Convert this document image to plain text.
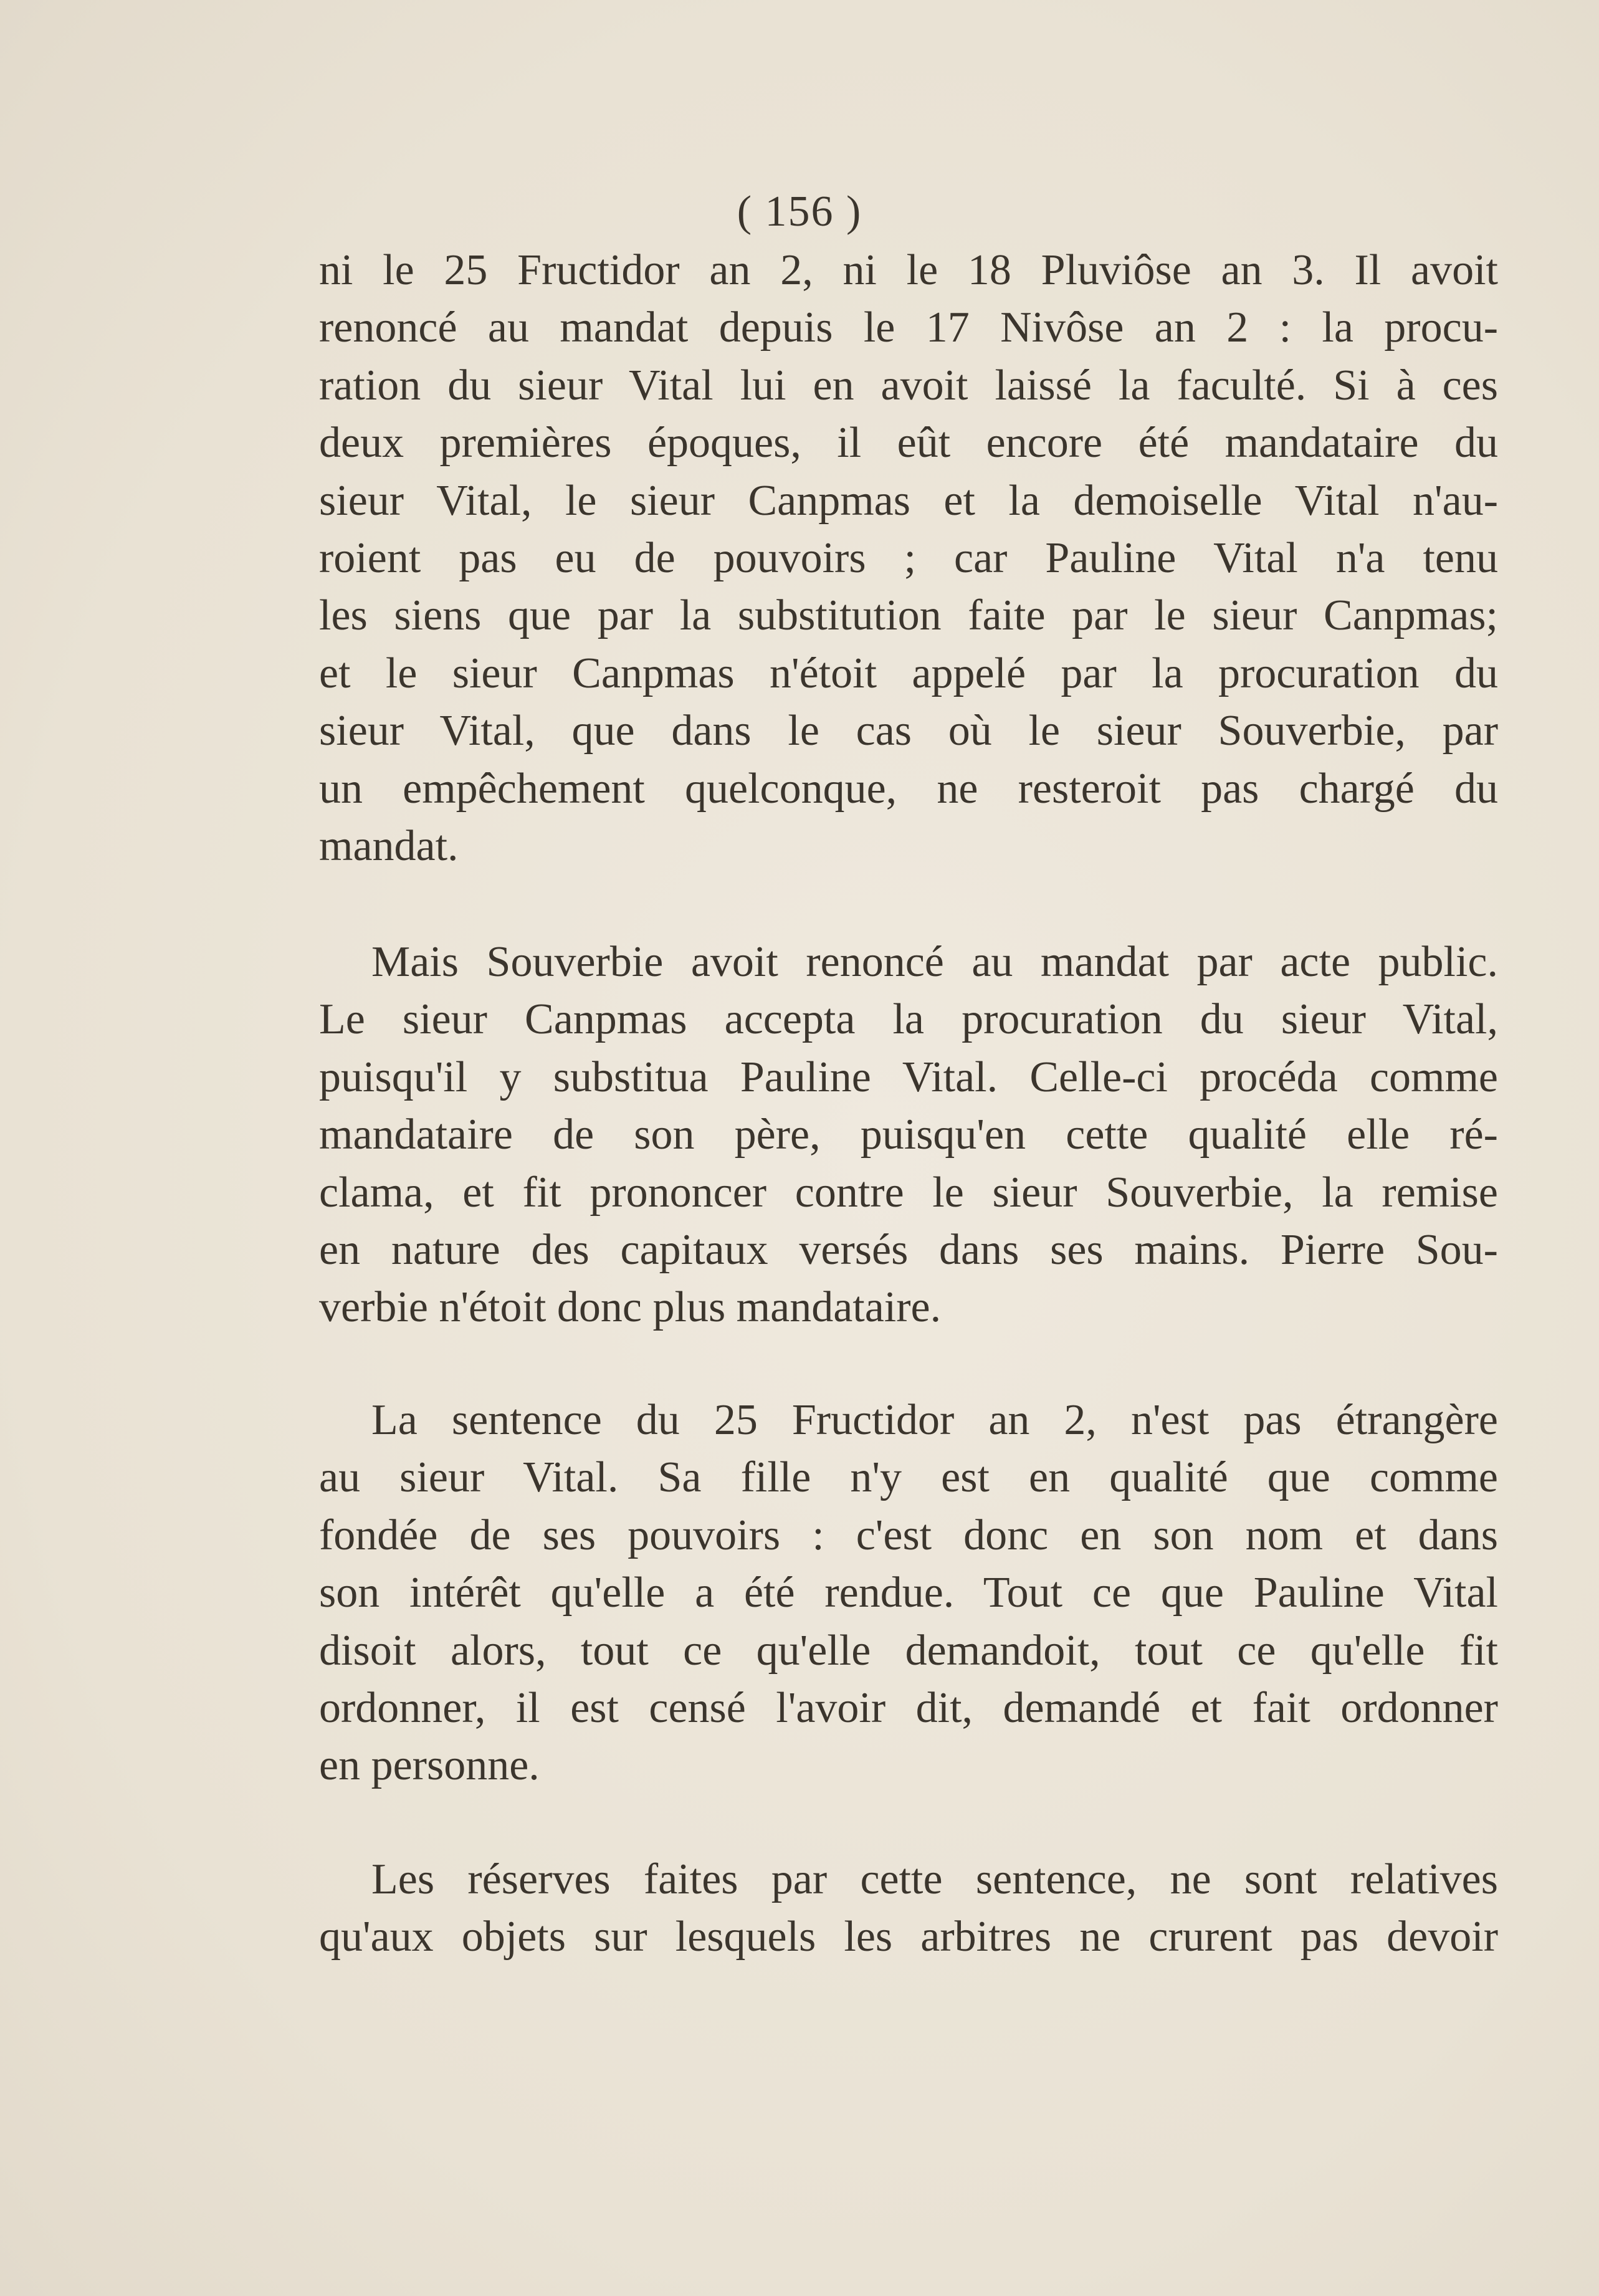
( 156 )
ni le 25 Fructidor an 2, ni le 18 Pluviôse an 3. Il avoit
renoncé au mandat depuis le 17 Nivôse an 2 : la procu-
ration du sieur Vital lui en avoit laissé la faculté. Si à ces
deux premières époques, il eût encore été mandataire du
sieur Vital, le sieur Canpmas et la demoiselle Vital n'au-
roient pas eu de pouvoirs ; car Pauline Vital n'a tenu
les siens que par la substitution faite par le sieur Canpmas;
et le sieur Canpmas n'étoit appelé par la procuration du
sieur Vital, que dans le cas où le sieur Souverbie, par
un empêchement quelconque, ne resteroit pas chargé du
mandat.
Mais Souverbie avoit renoncé au mandat par acte public.
Le sieur Canpmas accepta la procuration du sieur Vital,
puisqu'il y substitua Pauline Vital. Celle-ci procéda comme
mandataire de son père, puisqu'en cette qualité elle ré-
clama, et fit prononcer contre le sieur Souverbie, la remise
en nature des capitaux versés dans ses mains. Pierre Sou-
verbie n'étoit donc plus mandataire.
La sentence du 25 Fructidor an 2, n'est pas étrangère
au sieur Vital. Sa fille n'y est en qualité que comme
fondée de ses pouvoirs : c'est donc en son nom et dans
son intérêt qu'elle a été rendue. Tout ce que Pauline Vital
disoit alors, tout ce qu'elle demandoit, tout ce qu'elle fit
ordonner, il est censé l'avoir dit, demandé et fait ordonner
en personne.
Les réserves faites par cette sentence, ne sont relatives
qu'aux objets sur lesquels les arbitres ne crurent pas devoir
